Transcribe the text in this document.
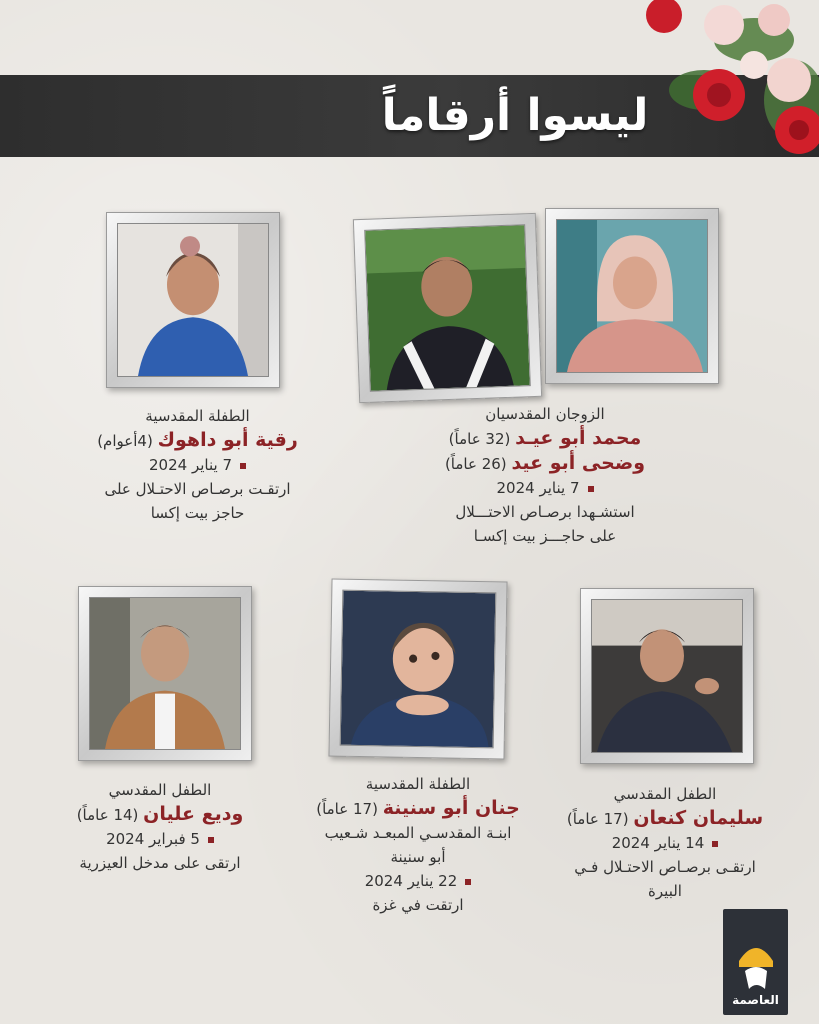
ليسوا أرقاماً
الطفلة المقدسية
رقية أبو داهوك (4أعوام)
7 يناير 2024
ارتقـت برصـاص الاحتـلال على
حاجز بيت إكسا
الزوجان المقدسيان
محمد أبو عيـد (32 عاماً)
وضحى أبو عيد (26 عاماً)
7 يناير 2024
استشـهدا برصـاص الاحتـــلال
على حاجـــز بيت إكسـا
الطفل المقدسي
وديع عليان (14 عاماً)
5 فبراير 2024
ارتقى على مدخل العيزرية
الطفلة المقدسية
جنان أبو سنينة (17 عاماً)
ابنـة المقدسـي المبعـد شـعيب
أبو سنينة
22 يناير 2024
ارتقت في غزة
الطفل المقدسي
سليمان كنعان (17 عاماً)
14 يناير 2024
ارتقـى برصـاص الاحتـلال فـي
البيرة
العاصمة
